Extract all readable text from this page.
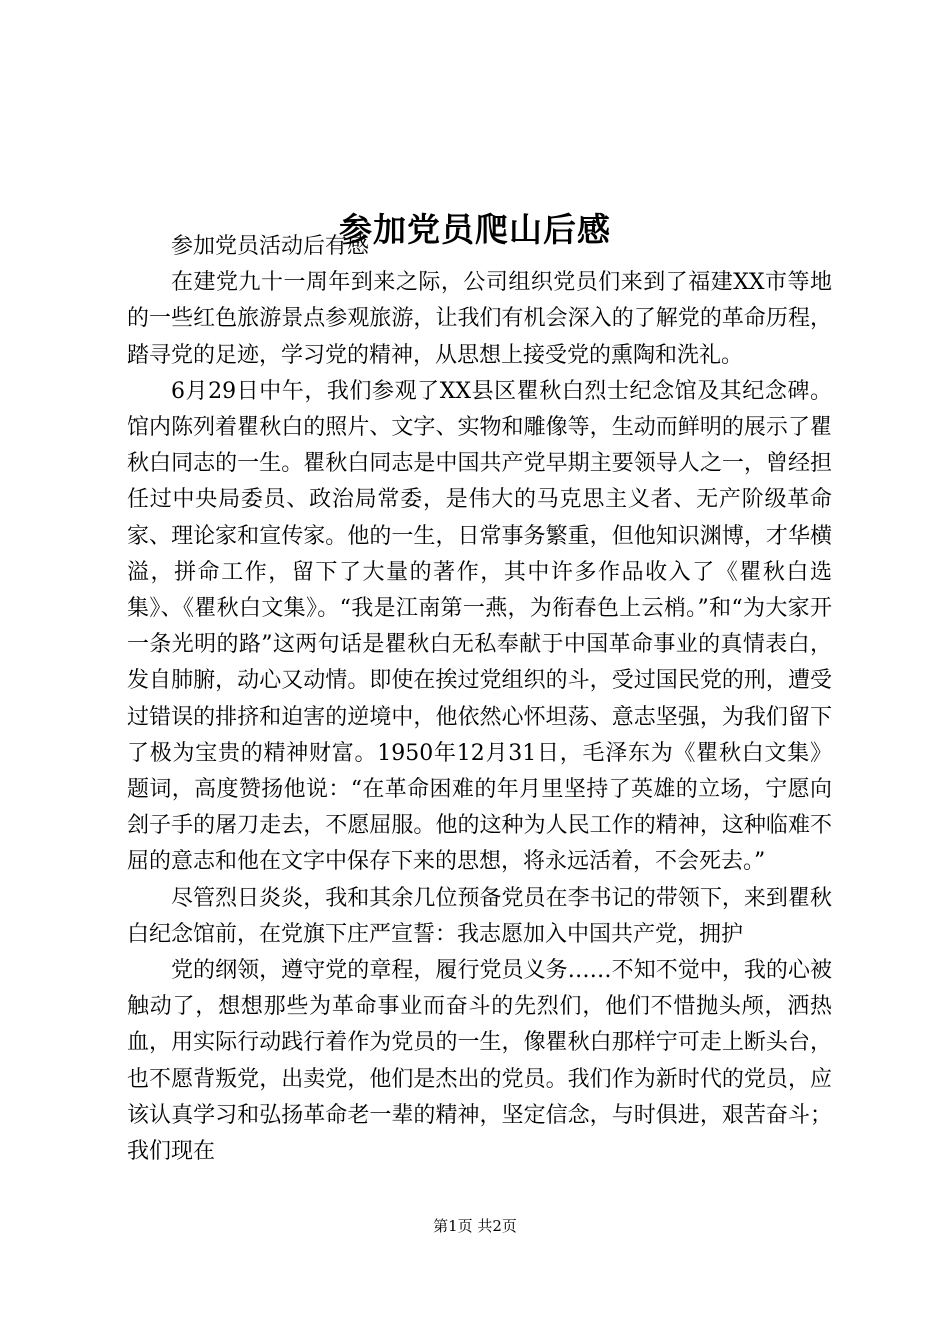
参加党员爬山后感

参加党员活动后有感

在建党九十一周年到来之际，公司组织党员们来到了福建XX市等地的一些红色旅游景点参观旅游，让我们有机会深入的了解党的革命历程，踏寻党的足迹，学习党的精神，从思想上接受党的熏陶和洗礼。

6月29日中午，我们参观了XX县区瞿秋白烈士纪念馆及其纪念碑。馆内陈列着瞿秋白的照片、文字、实物和雕像等，生动而鲜明的展示了瞿秋白同志的一生。瞿秋白同志是中国共产党早期主要领导人之一，曾经担任过中央局委员、政治局常委，是伟大的马克思主义者、无产阶级革命家、理论家和宣传家。他的一生，日常事务繁重，但他知识渊博，才华横溢，拼命工作，留下了大量的著作，其中许多作品收入了《瞿秋白选集》、《瞿秋白文集》。“我是江南第一燕，为衔春色上云梢。”和“为大家开一条光明的路”这两句话是瞿秋白无私奉献于中国革命事业的真情表白，发自肺腑，动心又动情。即使在挨过党组织的斗，受过国民党的刑，遭受过错误的排挤和迫害的逆境中，他依然心怀坦荡、意志坚强，为我们留下了极为宝贵的精神财富。1950年12月31日，毛泽东为《瞿秋白文集》题词，高度赞扬他说：“在革命困难的年月里坚持了英雄的立场，宁愿向刽子手的屠刀走去，不愿屈服。他的这种为人民工作的精神，这种临难不屈的意志和他在文字中保存下来的思想，将永远活着，不会死去。”

尽管烈日炎炎，我和其余几位预备党员在李书记的带领下，来到瞿秋白纪念馆前，在党旗下庄严宣誓：我志愿加入中国共产党，拥护

党的纲领，遵守党的章程，履行党员义务……不知不觉中，我的心被触动了，想想那些为革命事业而奋斗的先烈们，他们不惜抛头颅，洒热血，用实际行动践行着作为党员的一生，像瞿秋白那样宁可走上断头台，也不愿背叛党，出卖党，他们是杰出的党员。我们作为新时代的党员，应该认真学习和弘扬革命老一辈的精神，坚定信念，与时俱进，艰苦奋斗；我们现在

第1页 共2页
